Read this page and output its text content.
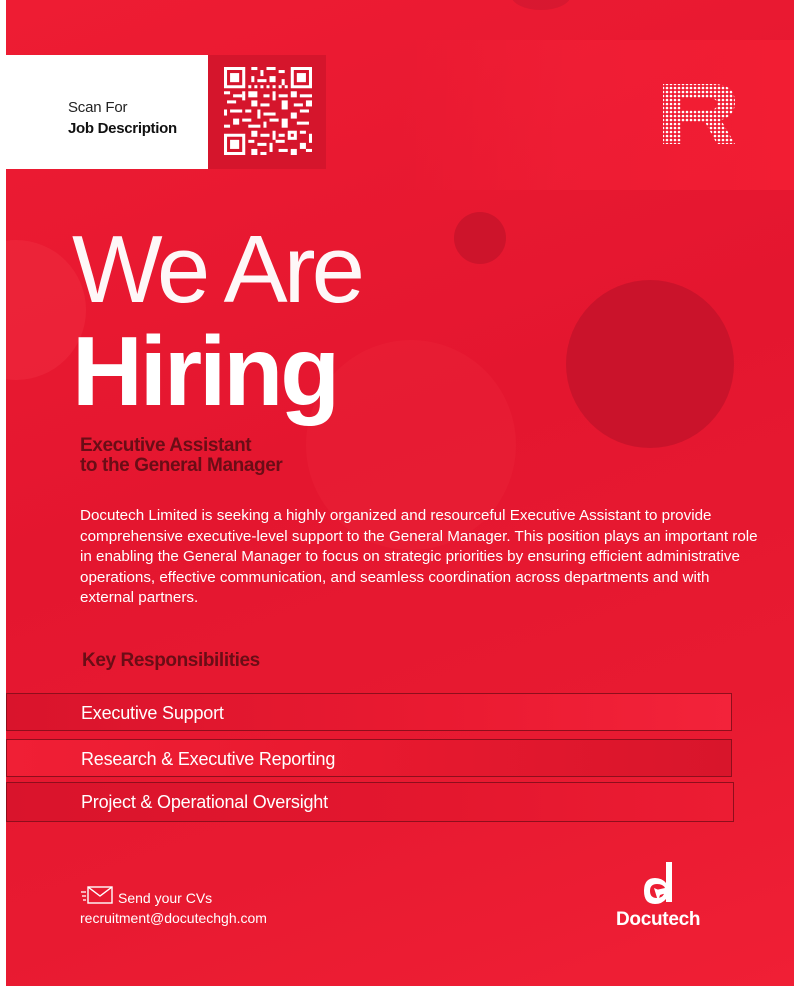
Scan For
Job Description
We Are
Hiring
Executive Assistant
to the General Manager
Docutech Limited is seeking a highly organized and resourceful Executive Assistant to provide comprehensive executive-level support to the General Manager. This position plays an important role in enabling the General Manager to focus on strategic priorities by ensuring efficient administrative operations, effective communication, and seamless coordination across departments and with external partners.
Key Responsibilities
Executive Support
Research & Executive Reporting
Project & Operational Oversight
Send your CVs
recruitment@docutechgh.com	Docutech
